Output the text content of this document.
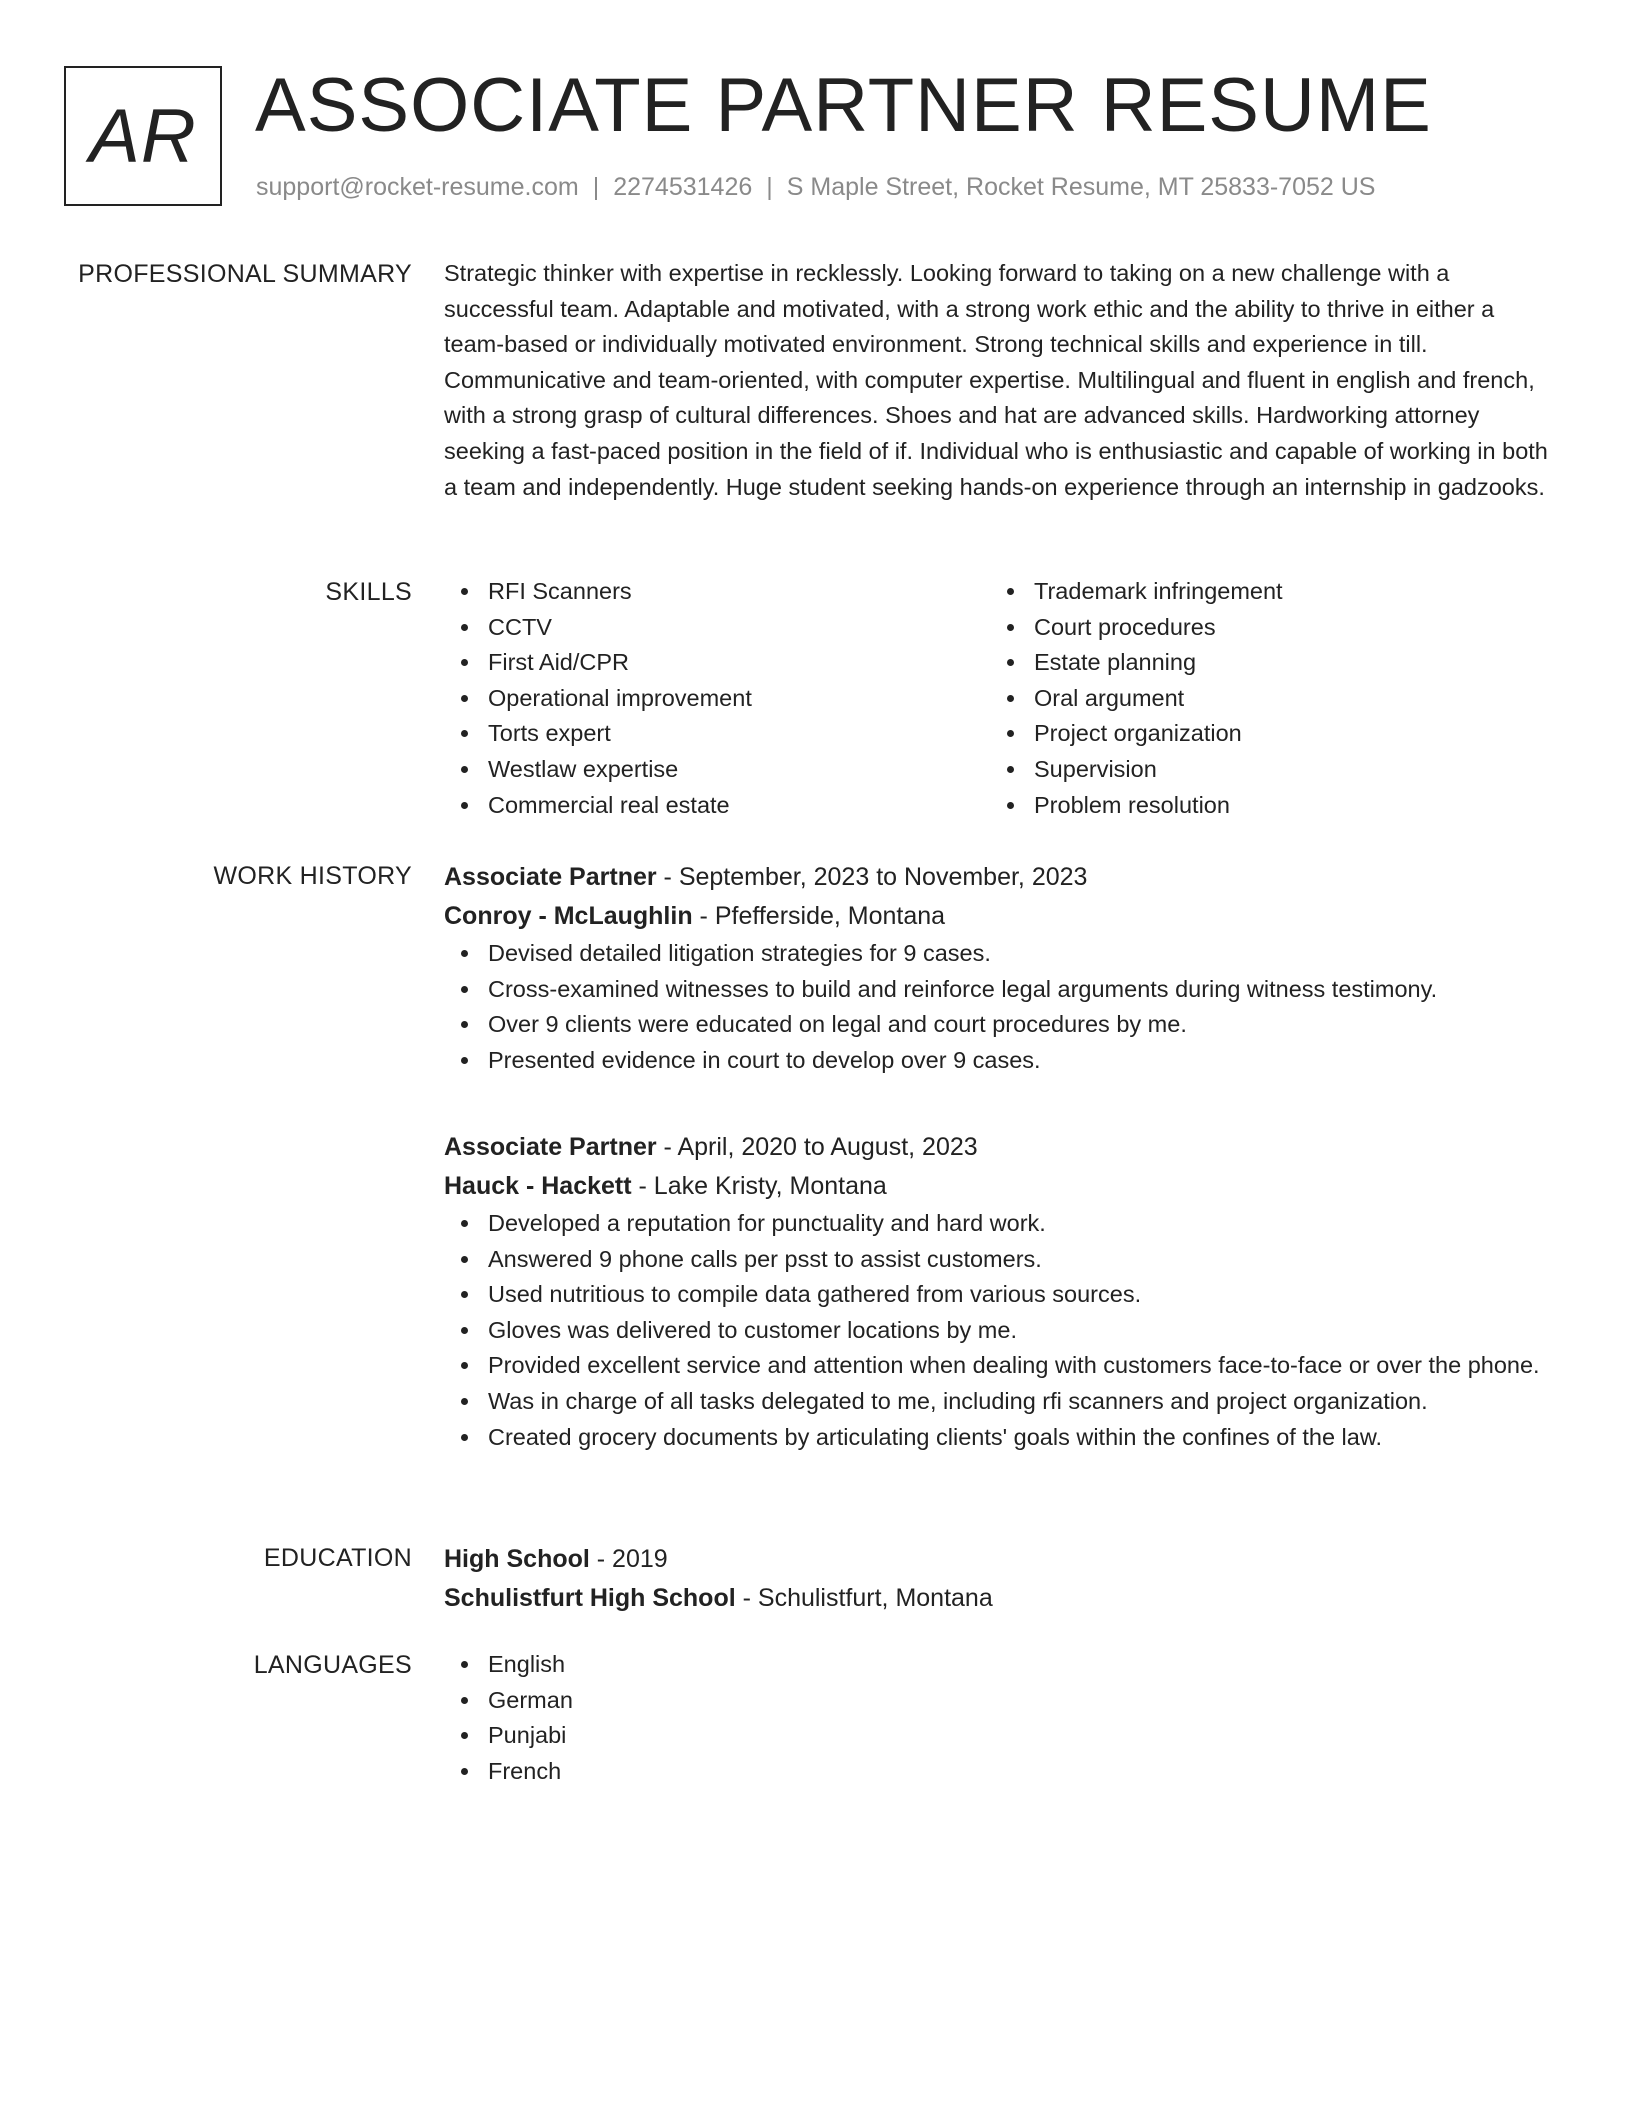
AR ASSOCIATE PARTNER RESUME
support@rocket-resume.com | 2274531426 | S Maple Street, Rocket Resume, MT 25833-7052 US
PROFESSIONAL SUMMARY Strategic thinker with expertise in recklessly. Looking forward to taking on a new challenge with a successful team. Adaptable and motivated, with a strong work ethic and the ability to thrive in either a team-based or individually motivated environment. Strong technical skills and experience in till. Communicative and team-oriented, with computer expertise. Multilingual and fluent in english and french, with a strong grasp of cultural differences. Shoes and hat are advanced skills. Hardworking attorney seeking a fast-paced position in the field of if. Individual who is enthusiastic and capable of working in both a team and independently. Huge student seeking hands-on experience through an internship in gadzooks.

SKILLS	RFI Scanners
CCTV
First Aid/CPR
Operational improvement
Torts expert
Westlaw expertise
Commercial real estate
Trademark infringement
Court procedures
Estate planning
Oral argument
Project organization
Supervision
Problem resolution
WORK HISTORY Associate Partner - September, 2023 to November, 2023
Conroy - McLaughlin - Pfefferside, Montana
Devised detailed litigation strategies for 9 cases.
Cross-examined witnesses to build and reinforce legal arguments during witness testimony.
Over 9 clients were educated on legal and court procedures by me.
Presented evidence in court to develop over 9 cases.
Associate Partner - April, 2020 to August, 2023
Hauck - Hackett - Lake Kristy, Montana
Developed a reputation for punctuality and hard work.
Answered 9 phone calls per psst to assist customers.
Used nutritious to compile data gathered from various sources.
Gloves was delivered to customer locations by me.
Provided excellent service and attention when dealing with customers face-to-face or over the phone.
Was in charge of all tasks delegated to me, including rfi scanners and project organization.
Created grocery documents by articulating clients' goals within the confines of the law.
EDUCATION High School - 2019
Schulistfurt High School - Schulistfurt, Montana
LANGUAGES	English
German
Punjabi
French
